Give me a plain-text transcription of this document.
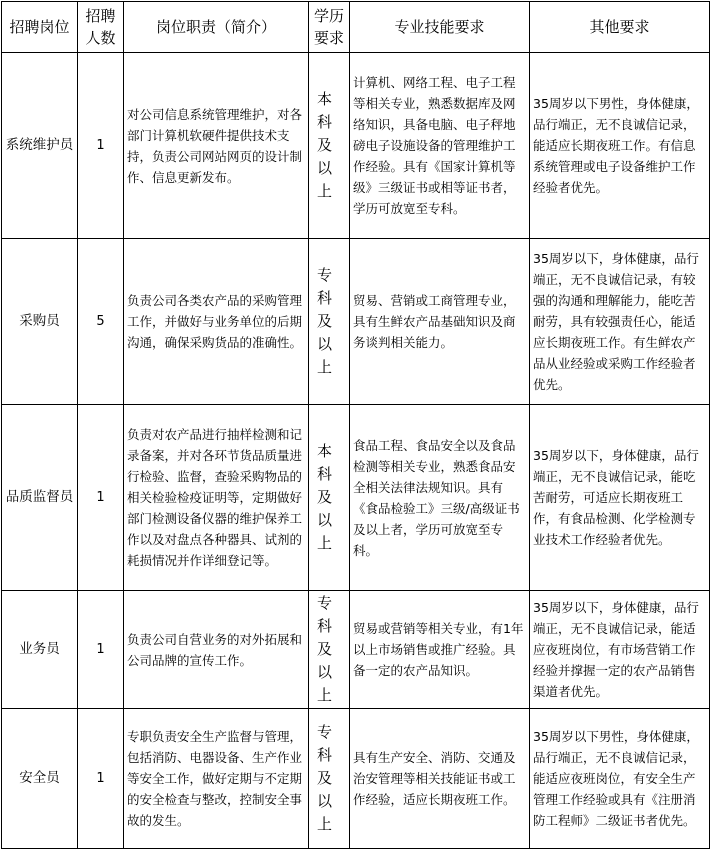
招聘岗位	招聘人数	岗位职责（简介）	学历要求	专业技能要求	其他要求
系统维护员	1	对公司信息系统管理维护，对各部门计算机软硬件提供技术支持，负责公司网站网页的设计制作、信息更新发布。	本科及以上	计算机、网络工程、电子工程等相关专业，熟悉数据库及网络知识，具备电脑、电子秤地磅电子设施设备的管理维护工作经验。具有《国家计算机等级》三级证书或相等证书者，学历可放宽至专科。	35周岁以下男性，身体健康，品行端正，无不良诚信记录，能适应长期夜班工作。有信息系统管理或电子设备维护工作经验者优先。
采购员	5	负责公司各类农产品的采购管理工作，并做好与业务单位的后期沟通，确保采购货品的准确性。	专科及以上	贸易、营销或工商管理专业，具有生鲜农产品基础知识及商务谈判相关能力。	35周岁以下，身体健康，品行端正，无不良诚信记录，有较强的沟通和理解能力，能吃苦耐劳，具有较强责任心，能适应长期夜班工作。有生鲜农产品从业经验或采购工作经验者优先。
品质监督员	1	负责对农产品进行抽样检测和记录备案，并对各环节货品质量进行检验、监督，查验采购物品的相关检验检疫证明等，定期做好部门检测设备仪器的维护保养工作以及对盘点各种器具、试剂的耗损情况并作详细登记等。	本科及以上	食品工程、食品安全以及食品检测等相关专业，熟悉食品安全相关法律法规知识。具有《食品检验工》三级/高级证书及以上者，学历可放宽至专科。	35周岁以下，身体健康，品行端正，无不良诚信记录，能吃苦耐劳，可适应长期夜班工作，有食品检测、化学检测专业技术工作经验者优先。
业务员	1	负责公司自营业务的对外拓展和公司品牌的宣传工作。	专科及以上	贸易或营销等相关专业，有1年以上市场销售或推广经验。具备一定的农产品知识。	35周岁以下，身体健康，品行端正，无不良诚信记录，能适应夜班岗位，有市场营销工作经验并撑握一定的农产品销售渠道者优先。
安全员	1	专职负责安全生产监督与管理，包括消防、电器设备、生产作业等安全工作，做好定期与不定期的安全检查与整改，控制安全事故的发生。	专科及以上	具有生产安全、消防、交通及治安管理等相关技能证书或工作经验，适应长期夜班工作。	35周岁以下男性，身体健康，品行端正，无不良诚信记录，能适应夜班岗位，有安全生产管理工作经验或具有《注册消防工程师》二级证书者优先。
